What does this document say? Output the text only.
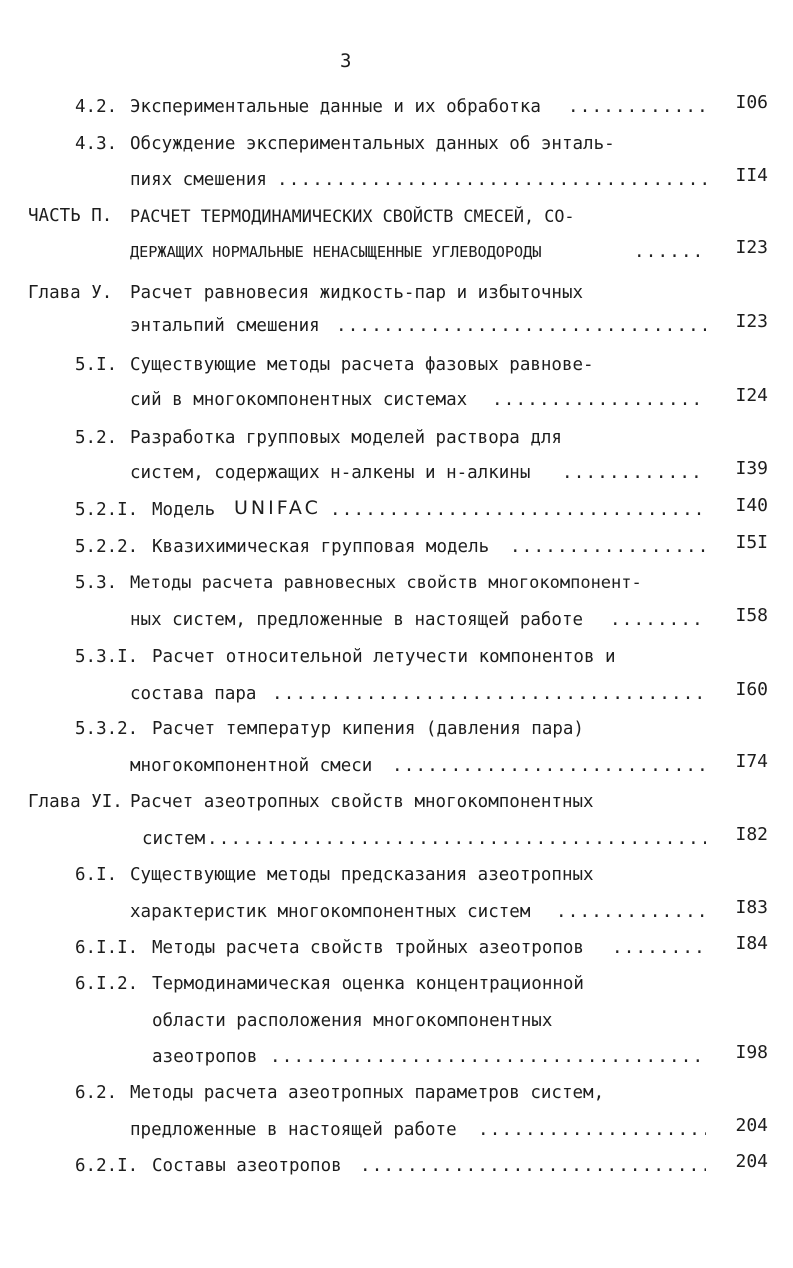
3
4.2. Экспериментальные данные и их обработка .....	I06
4.3. Обсуждение экспериментальных данных об энталь-
пиях смешения .....	II4
ЧАСТЬ П. РАСЧЕТ ТЕРМОДИНАМИЧЕСКИХ СВОЙСТВ СМЕСЕЙ, СО-
ДЕРЖАЩИХ НОРМАЛЬНЫЕ НЕНАСЫЩЕННЫЕ УГЛЕВОДОРОДЫ .....	I23
Глава У. Расчет равновесия жидкость-пар и избыточных
энтальпий смешения .....	I23
5.I. Существующие методы расчета фазовых равнове-
сий в многокомпонентных системах .....	I24
5.2. Разработка групповых моделей раствора для
систем, содержащих н-алкены и н-алкины .....	I39
5.2.I. Модель UNIFAC .....	I40
5.2.2. Квазихимическая групповая модель .....	I5I
5.3. Методы расчета равновесных свойств многокомпонент-
ных систем, предложенные в настоящей работе .....	I58
5.3.I. Расчет относительной летучести компонентов и
состава пара .....	I60
5.3.2. Расчет температур кипения (давления пара)
многокомпонентной смеси .....	I74
Глава УI. Расчет азеотропных свойств многокомпонентных
систем .....	I82
6.I. Существующие методы предсказания азеотропных
характеристик многокомпонентных систем .....	I83
6.I.I. Методы расчета свойств тройных азеотропов .....	I84
6.I.2. Термодинамическая оценка концентрационной
области расположения многокомпонентных
азеотропов .....	I98
6.2. Методы расчета азеотропных параметров систем,
предложенные в настоящей работе .....	204
6.2.I. Составы азеотропов .....	204
